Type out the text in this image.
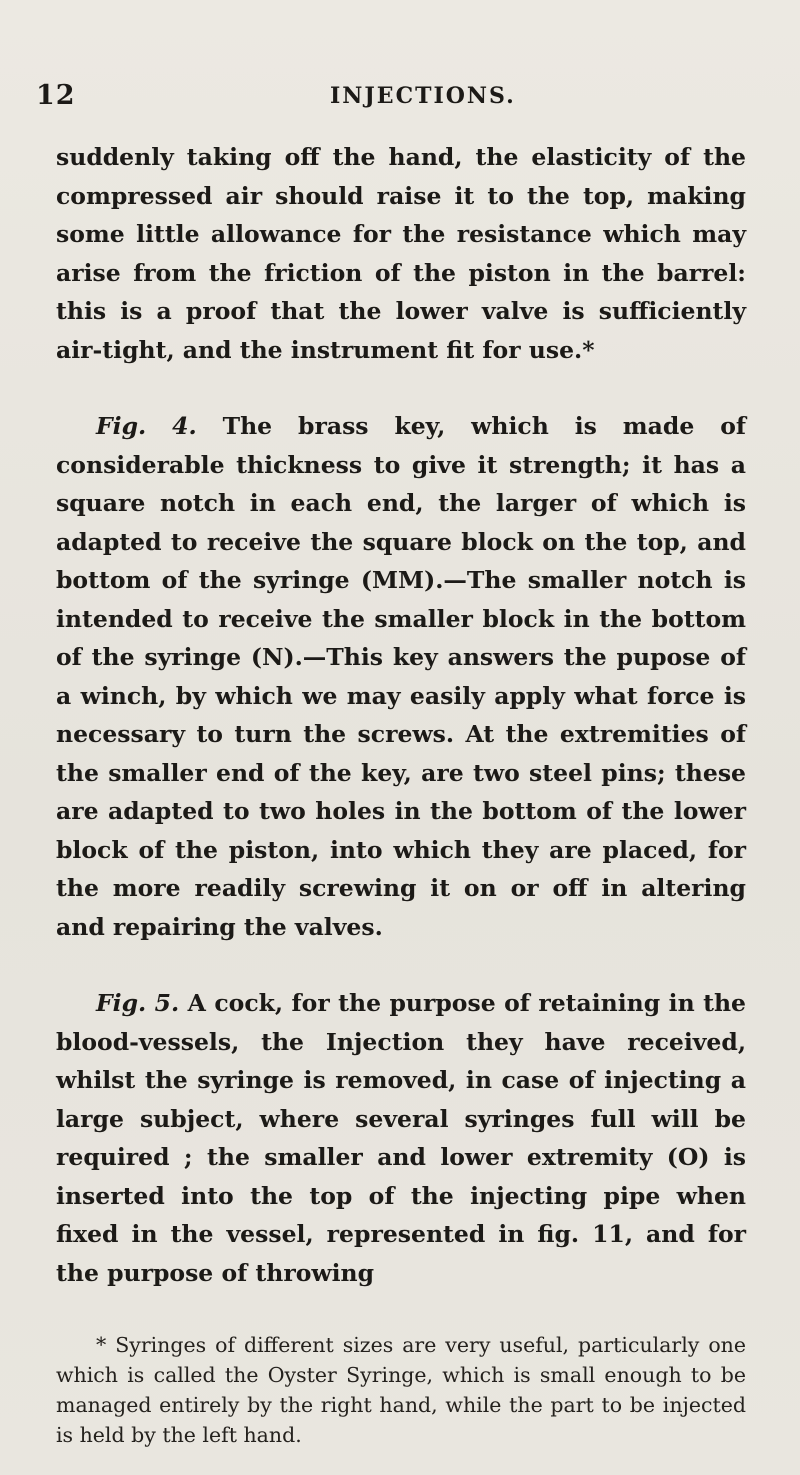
12	INJECTIONS.

suddenly taking off the hand, the elasticity of the compressed air should raise it to the top, making some little allowance for the resistance which may arise from the friction of the piston in the barrel: this is a proof that the lower valve is sufficiently air-tight, and the instrument fit for use.*

Fig. 4. The brass key, which is made of considerable thickness to give it strength; it has a square notch in each end, the larger of which is adapted to receive the square block on the top, and bottom of the syringe (MM).—The smaller notch is intended to receive the smaller block in the bottom of the syringe (N).—This key answers the pupose of a winch, by which we may easily apply what force is necessary to turn the screws. At the extremities of the smaller end of the key, are two steel pins; these are adapted to two holes in the bottom of the lower block of the piston, into which they are placed, for the more readily screwing it on or off in altering and repairing the valves.

Fig. 5. A cock, for the purpose of retaining in the blood-vessels, the Injection they have received, whilst the syringe is removed, in case of injecting a large subject, where several syringes full will be required ; the smaller and lower extremity (O) is inserted into the top of the injecting pipe when fixed in the vessel, represented in fig. 11, and for the purpose of throwing

* Syringes of different sizes are very useful, particularly one which is called the Oyster Syringe, which is small enough to be managed entirely by the right hand, while the part to be injected is held by the left hand.
